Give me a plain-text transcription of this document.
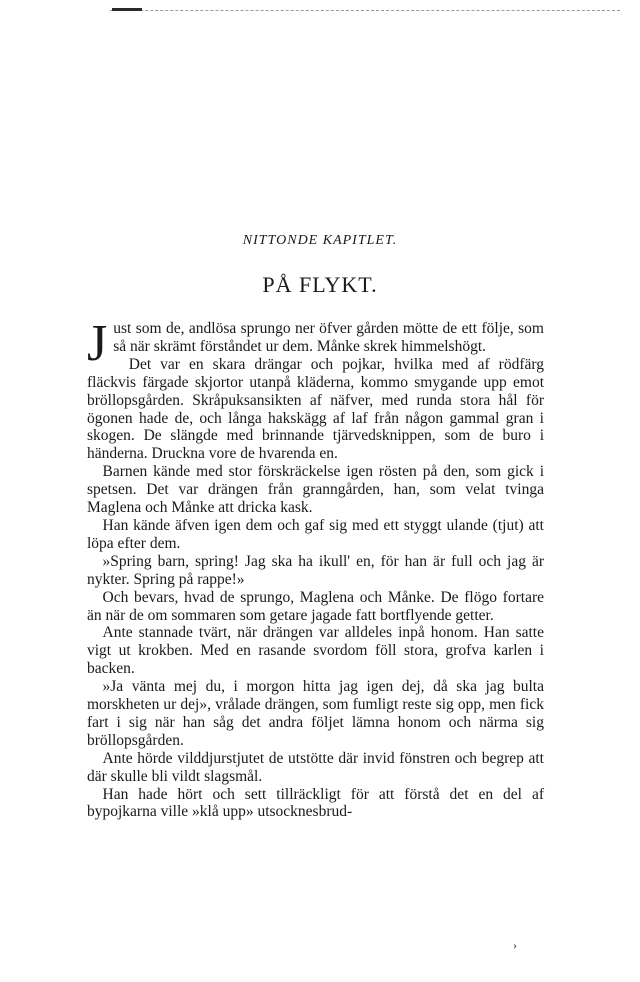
NITTONDE KAPITLET.
PÅ FLYKT.

Just som de, andlösa sprungo ner öfver gården mötte de ett följe, som så när skrämt förståndet ur dem. Månke skrek himmelshögt.

Det var en skara drängar och pojkar, hvilka med af rödfärg fläckvis färgade skjortor utanpå kläderna, kommo smygande upp emot bröllopsgården. Skråpuksansikten af näfver, med runda stora hål för ögonen hade de, och långa hakskägg af laf från någon gammal gran i skogen. De slängde med brinnande tjärvedsknippen, som de buro i händerna. Druckna vore de hvarenda en.

Barnen kände med stor förskräckelse igen rösten på den, som gick i spetsen. Det var drängen från granngården, han, som velat tvinga Maglena och Månke att dricka kask.

Han kände äfven igen dem och gaf sig med ett styggt ulande (tjut) att löpa efter dem.

»Spring barn, spring! Jag ska ha ikull' en, för han är full och jag är nykter. Spring på rappe!»

Och bevars, hvad de sprungo, Maglena och Månke. De flögo fortare än när de om sommaren som getare jagade fatt bortflyende getter.

Ante stannade tvärt, när drängen var alldeles inpå honom. Han satte vigt ut krokben. Med en rasande svordom föll stora, grofva karlen i backen.

»Ja vänta mej du, i morgon hitta jag igen dej, då ska jag bulta morskheten ur dej», vrålade drängen, som fumligt reste sig opp, men fick fart i sig när han såg det andra följet lämna honom och närma sig bröllopsgården.

Ante hörde vilddjurstjutet de utstötte där invid fönstren och begrep att där skulle bli vildt slagsmål.

Han hade hört och sett tillräckligt för att förstå det en del af bypojkarna ville »klå upp» utsocknesbrud-

›
